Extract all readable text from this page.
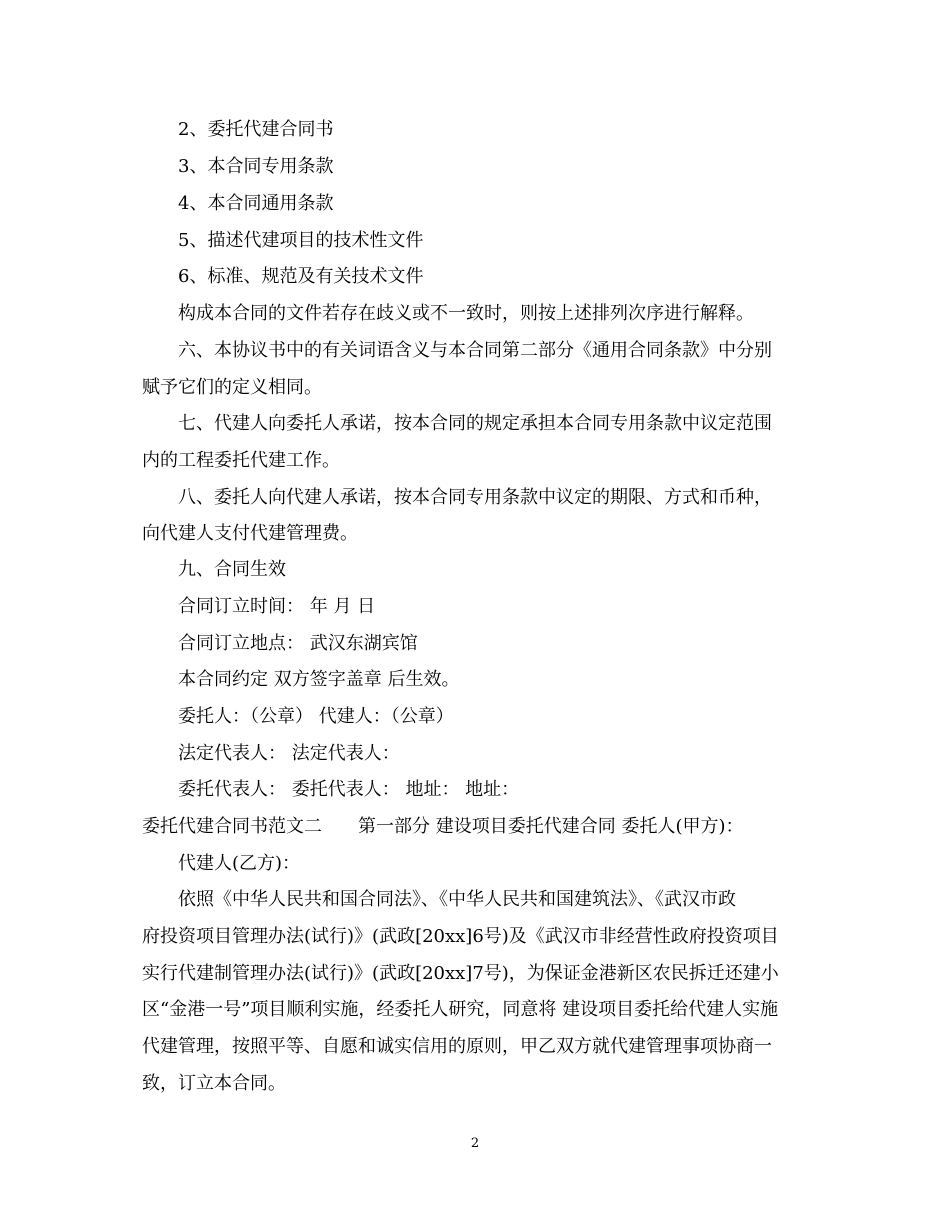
2、委托代建合同书
3、本合同专用条款
4、本合同通用条款
5、描述代建项目的技术性文件
6、标准、规范及有关技术文件
构成本合同的文件若存在歧义或不一致时，则按上述排列次序进行解释。
六、本协议书中的有关词语含义与本合同第二部分《通用合同条款》中分别
赋予它们的定义相同。
七、代建人向委托人承诺，按本合同的规定承担本合同专用条款中议定范围
内的工程委托代建工作。
八、委托人向代建人承诺，按本合同专用条款中议定的期限、方式和币种，
向代建人支付代建管理费。
九、合同生效
合同订立时间： 年 月 日
合同订立地点： 武汉东湖宾馆
本合同约定 双方签字盖章 后生效。
委托人：（公章） 代建人：（公章）
法定代表人： 法定代表人：
委托代表人： 委托代表人： 地址： 地址：
委托代建合同书范文二　　第一部分 建设项目委托代建合同 委托人(甲方)：
代建人(乙方)：
依照《中华人民共和国合同法》、《中华人民共和国建筑法》、《武汉市政
府投资项目管理办法(试行)》(武政[20xx]6号)及《武汉市非经营性政府投资项目
实行代建制管理办法(试行)》(武政[20xx]7号)，为保证金港新区农民拆迁还建小
区“金港一号”项目顺利实施，经委托人研究，同意将 建设项目委托给代建人实施
代建管理，按照平等、自愿和诚实信用的原则，甲乙双方就代建管理事项协商一
致，订立本合同。
2
